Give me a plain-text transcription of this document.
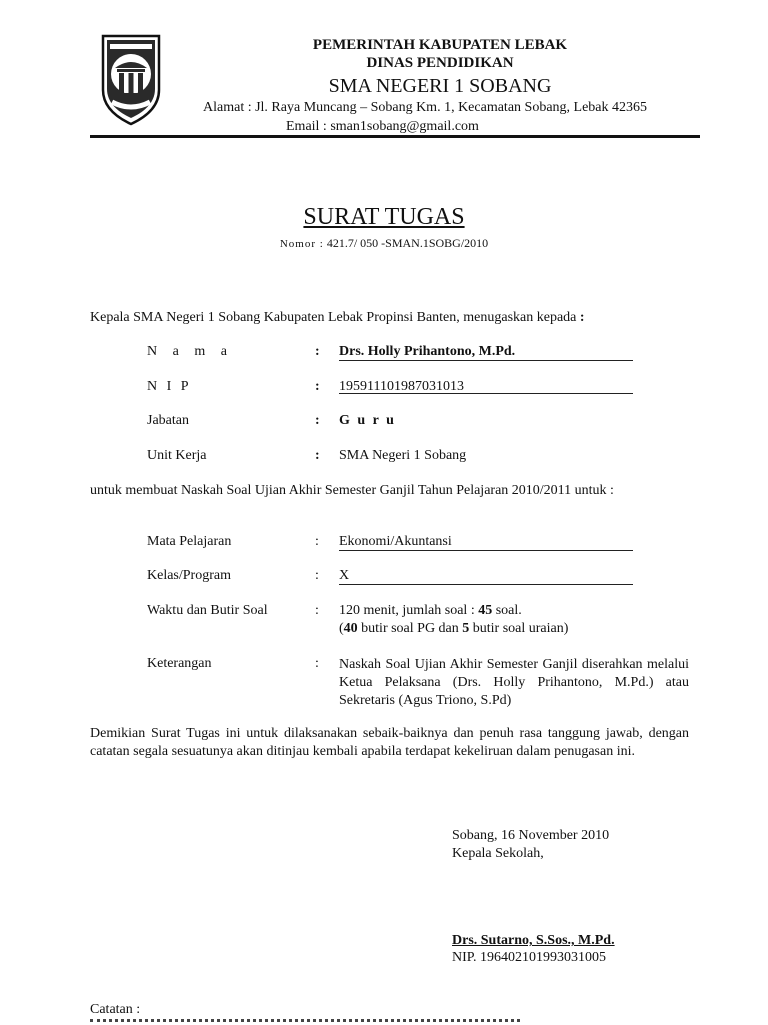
PEMERINTAH KABUPATEN LEBAK
DINAS PENDIDIKAN
SMA NEGERI 1 SOBANG
Alamat : Jl. Raya Muncang – Sobang Km. 1, Kecamatan Sobang, Lebak 42365
Email : sman1sobang@gmail.com
SURAT TUGAS
Nomor : 421.7/ 050 -SMAN.1SOBG/2010
Kepala SMA Negeri 1 Sobang Kabupaten Lebak Propinsi Banten, menugaskan kepada :
N a m a	: Drs. Holly Prihantono, M.Pd.
N I P	: 195911101987031013
Jabatan	: G u r u
Unit Kerja	: SMA Negeri 1 Sobang
untuk membuat Naskah Soal Ujian Akhir Semester Ganjil Tahun Pelajaran 2010/2011 untuk :
Mata Pelajaran	: Ekonomi/Akuntansi
Kelas/Program	: X
Waktu dan Butir Soal	: 120 menit, jumlah soal : 45 soal.
(40 butir soal PG dan 5 butir soal uraian)
Keterangan	: Naskah Soal Ujian Akhir Semester Ganjil diserahkan melalui Ketua Pelaksana (Drs. Holly Prihantono, M.Pd.) atau Sekretaris (Agus Triono, S.Pd)
Demikian Surat Tugas ini untuk dilaksanakan sebaik-baiknya dan penuh rasa tanggung jawab, dengan catatan segala sesuatunya akan ditinjau kembali apabila terdapat kekeliruan dalam penugasan ini.
Sobang, 16 November 2010
Kepala Sekolah,
Drs. Sutarno, S.Sos., M.Pd.
NIP. 196402101993031005
Catatan :
